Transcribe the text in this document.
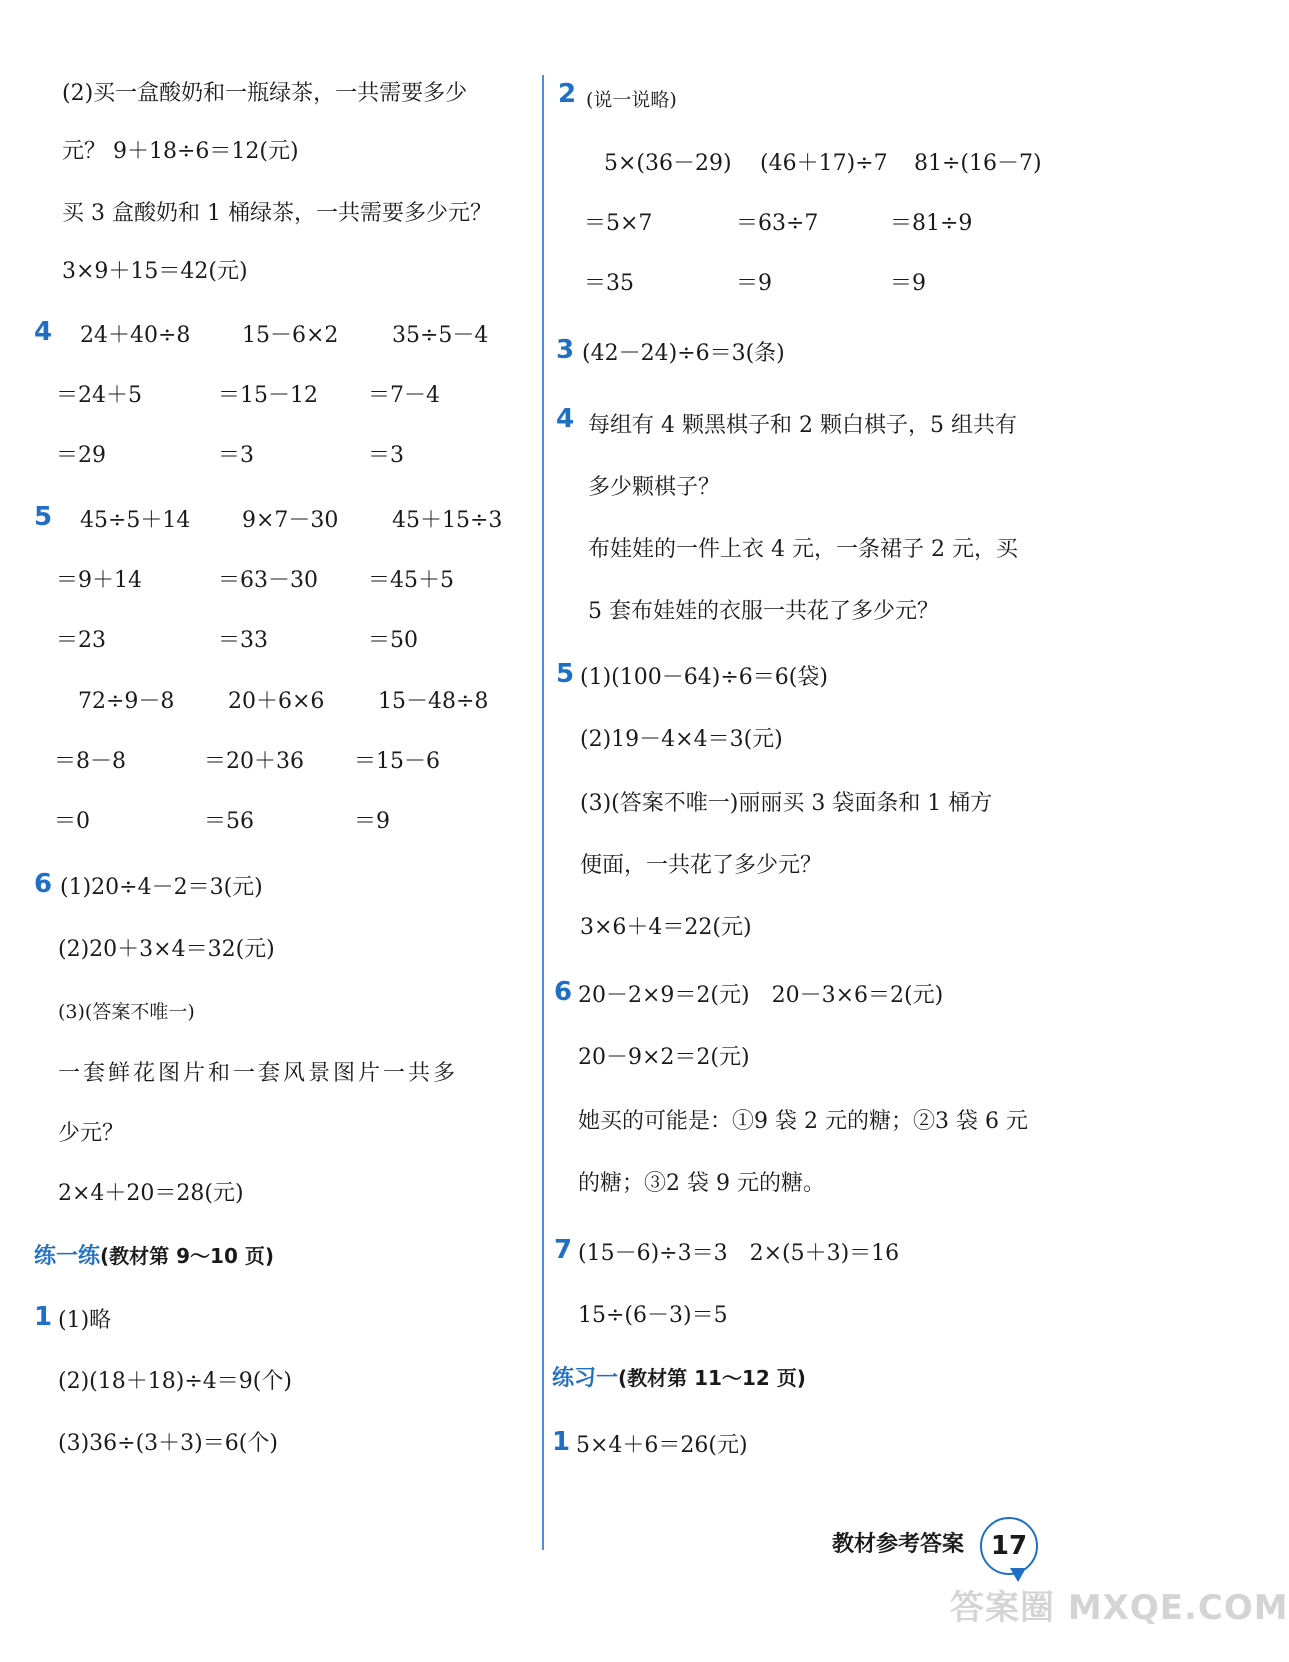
(2)买一盒酸奶和一瓶绿茶，一共需要多少
元？ 9＋18÷6＝12(元)
买 3 盒酸奶和 1 桶绿茶，一共需要多少元？
3×9＋15＝42(元)
4 24＋40÷8 15－6×2 35÷5－4
＝24＋5	＝15－12 ＝7－4
＝29	＝3	＝3
5 45÷5＋14 9×7－30 45＋15÷3
＝9＋14	＝63－30 ＝45＋5
＝23	＝33	＝50
72÷9－8 20＋6×6 15－48÷8
＝8－8	＝20＋36 ＝15－6
＝0	＝56	＝9
6 (1)20÷4－2＝3(元)
(2)20＋3×4＝32(元)
(3)(答案不唯一)
一套鲜花图片和一套风景图片一共多
少元？
2×4＋20＝28(元)
练一练(教材第 9～10 页)
1 (1)略
(2)(18＋18)÷4＝9(个)
(3)36÷(3＋3)＝6(个)
2 (说一说略)
5×(36－29) (46＋17)÷7 81÷(16－7)
＝5×7	＝63÷7	＝81÷9
＝35	＝9	＝9
3 (42－24)÷6＝3(条)
4 每组有 4 颗黑棋子和 2 颗白棋子，5 组共有
多少颗棋子？
布娃娃的一件上衣 4 元，一条裙子 2 元，买
5 套布娃娃的衣服一共花了多少元？
5 (1)(100－64)÷6＝6(袋)
(2)19－4×4＝3(元)
(3)(答案不唯一)丽丽买 3 袋面条和 1 桶方
便面，一共花了多少元？
3×6＋4＝22(元)
6 20－2×9＝2(元)　20－3×6＝2(元)
20－9×2＝2(元)
她买的可能是：①9 袋 2 元的糖；②3 袋 6 元
的糖；③2 袋 9 元的糖。
7 (15－6)÷3＝3　2×(5＋3)＝16
15÷(6－3)＝5
练习一(教材第 11～12 页)
1 5×4＋6＝26(元)
教材参考答案 17
答案圈 MXQE.COM
